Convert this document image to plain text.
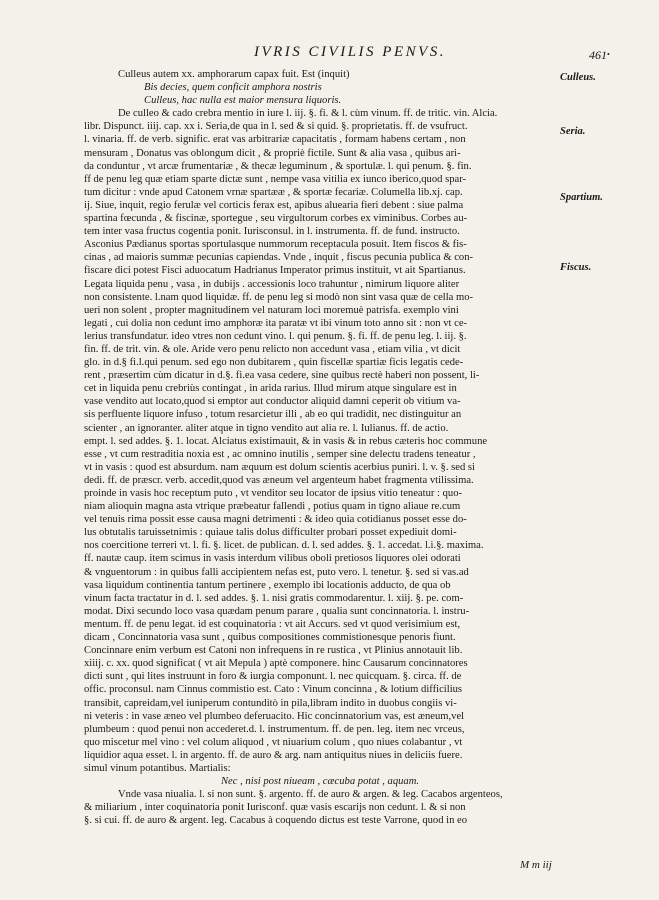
IVRIS CIVILIS PENVS.	461 •
Culleus.
Seria.
Spartium.
Fiscus.
Culleus autem xx. amphorarum capax fuit. Est (inquit)
Bis decies, quem conficit amphora nostris
Culleus, hac nulla est maior mensura liquoris.
De culleo & cado crebra mentio in iure l. iij. §. fi. & l. cùm vinum. ff. de tritic. vin. Alcia.
libr. Dispunct. iiij. cap. xx i. Seria,de qua in l. sed & si quid. §. proprietatis. ff. de vsufruct.
l. vinaria. ff. de verb. signific. erat vas arbitrariæ capacitatis , formam habens certam , non
mensuram , Donatus vas oblongum dicit , & propriè fictile. Sunt & alia vasa , quibus ari-
da conduntur , vt arcæ frumentariæ , & thecæ leguminum , & sportulæ. l. qui penum. §. fin.
ff de penu leg quæ etiam sparte dictæ sunt , nempe vasa vitilia ex iunco iberico,quod spar-
tum dicitur : vnde apud Catonem vrnæ spartææ , & sportæ fecariæ. Columella lib.xj. cap.
ij. Siue, inquit, regio ferulæ vel corticis ferax est, apibus aluearia fieri debent : siue palma
spartina fœcunda , & fiscinæ, sportegue , seu virgultorum corbes ex viminibus. Corbes au-
tem inter vasa fructus cogentia ponit. Iurisconsul. in l. instrumenta. ff. de fund. instructo.
Asconius Pædianus sportas sportulasque nummorum receptacula posuit. Item fiscos & fis-
cinas , ad maioris summæ pecunias capiendas. Vnde , inquit , fiscus pecunia publica & con-
fiscare dici potest Fisci aduocatum Hadrianus Imperator primus instituit, vt ait Spartianus.
Legata liquida penu , vasa , in dubijs . accessionis loco trahuntur , nimirum liquore aliter
non consistente. l.nam quod liquidæ. ff. de penu leg si modò non sint vasa quæ de cella mo-
ueri non solent , propter magnitudinem vel naturam loci moremuè patrisfa. exemplo vini
legati , cui dolia non cedunt imo amphoræ ita paratæ vt ibi vinum toto anno sit : non vt ce-
lerius transfundatur. ideo vtres non cedunt vino. l. qui penum. §. fi. ff. de penu leg. l. iij. §.
fin. ff. de trit. vin. & ole. Aride vero penu relicto non accedunt vasa , etiam vilia , vt dicit
glo. in d.§ fi.l.qui penum. sed ego non dubitarem , quin fiscellæ spartiæ ficis legatis cede-
rent , præsertim cùm dicatur in d.§. fi.ea vasa cedere, sine quibus rectè haberi non possent, li-
cet in liquida penu crebriùs contingat , in arida rarius. Illud mirum atque singulare est in
vase vendito aut locato,quod si emptor aut conductor aliquid damni ceperit ob vitium va-
sis perfluente liquore infuso , totum resarcietur illi , ab eo qui tradidit, nec distinguitur an
scienter , an ignoranter. aliter atque in tigno vendito aut alia re. l. Iulianus. ff. de actio.
empt. l. sed addes. §. 1. locat. Alciatus existimauit, & in vasis & in rebus cæteris hoc commune
esse , vt cum restraditia noxia est , ac omnino inutilis , semper sine delectu tradens teneatur ,
vt in vasis : quod est absurdum. nam æquum est dolum scientis acerbius puniri. l. v. §. sed si
dedi. ff. de præscr. verb. accedit,quod vas æneum vel argenteum habet fragmenta vtilissima.
proinde in vasis hoc receptum puto , vt venditor seu locator de ipsius vitio teneatur : quo-
niam alioquin magna asta vtrique præbeatur fallendi , potius quam in tigno aliaue re.cum
vel tenuis rima possit esse causa magni detrimenti : & ideo quia cotidianus posset esse do-
lus obtutalis taruissetnimis : quiaue talis dolus difficulter probari posset expediuit domi-
nos coercitione terreri vt. l. fi. §. licet. de publican. d. l. sed addes. §. 1. accedat. l.i.§. maxima.
ff. nautæ caup. item scimus in vasis interdum vilibus oboli pretiosos liquores olei odorati
& vnguentorum : in quibus falli accipientem nefas est, puto vero. l. tenetur. §. sed si vas.ad
vasa liquidum continentia tantum pertinere , exemplo ibi locationis adducto, de qua ob
vinum facta tractatur in d. l. sed addes. §. 1. nisi gratis commodarentur. l. xiij. §. pe. com-
modat. Dixi secundo loco vasa quædam penum parare , qualia sunt concinnatoria. l. instru-
mentum. ff. de penu legat. id est coquinatoria : vt ait Accurs. sed vt quod verisimium est,
dicam , Concinnatoria vasa sunt , quibus compositiones commistionesque penoris fiunt.
Concinnare enim verbum est Catoni non infrequens in re rustica , vt Plinius annotauit lib.
xiiij. c. xx. quod significat ( vt ait Mepula ) aptè componere. hinc Causarum concinnatores
dicti sunt , qui lites instruunt in foro & iurgia componunt. l. nec quicquam. §. circa. ff. de
offic. proconsul. nam Cinnus commistio est. Cato : Vinum concinna , & lotium difficilius
transibit, capreidam,vel iuniperum contunditò in pila,libram indito in duobus congiis vi-
ni veteris : in vase æneo vel plumbeo deferuacito. Hic concinnatorium vas, est æneum,vel
plumbeum : quod penui non accederet.d. l. instrumentum. ff. de pen. leg. item nec vrceus,
quo miscetur mel vino : vel colum aliquod , vt niuarium colum , quo niues colabantur , vt
liquidior aqua esset. l. in argento. ff. de auro & arg. nam antiquitus niues in deliciis fuere.
simul vinum potantibus. Martialis:
Nec , nisi post niueam , cæcuba potat , aquam.
Vnde vasa niualia. l. si non sunt. §. argento. ff. de auro & argen. & leg. Cacabos argenteos,
& miliarium , inter coquinatoria ponit Iurisconf. quæ vasis escarijs non cedunt. l. & si non
§. si cui. ff. de auro & argent. leg. Cacabus à coquendo dictus est teste Varrone, quod in eo
M m iij
